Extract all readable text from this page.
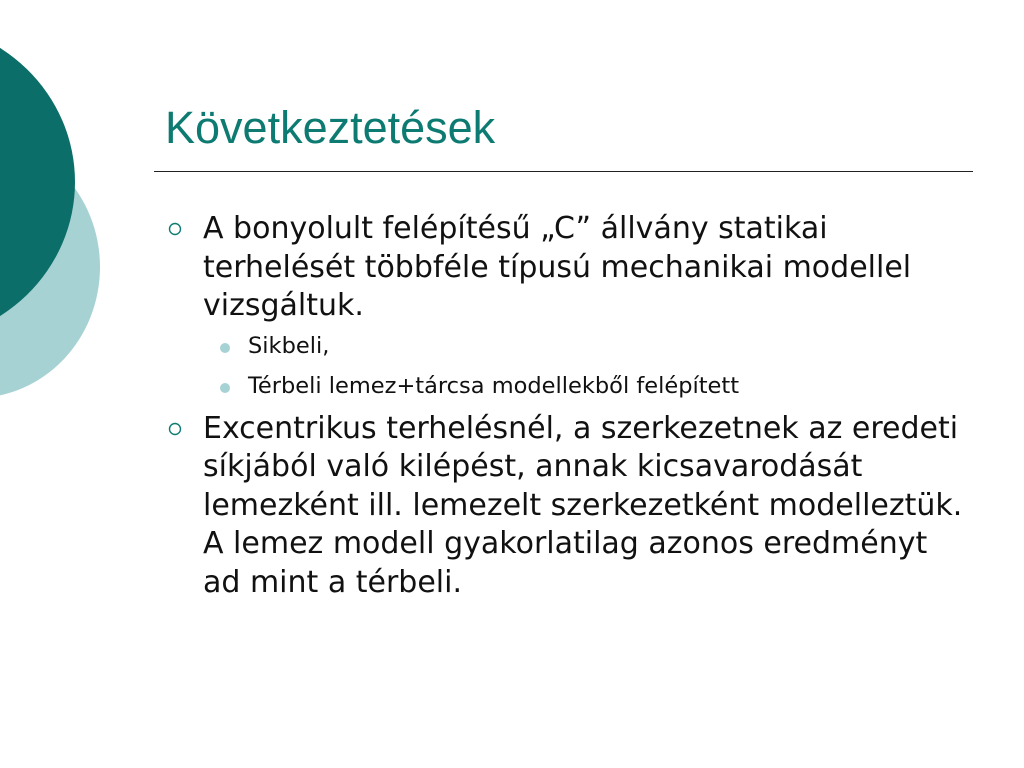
Következtetések
A bonyolult felépítésű „C” állvány statikai terhelését többféle típusú mechanikai modellel vizsgáltuk.
Sikbeli,
Térbeli lemez+tárcsa modellekből felépített
Excentrikus terhelésnél, a szerkezetnek az eredeti síkjából való kilépést, annak kicsavarodását lemezként ill. lemezelt szerkezetként modelleztük. A lemez modell gyakorlatilag azonos eredményt ad mint a térbeli.
